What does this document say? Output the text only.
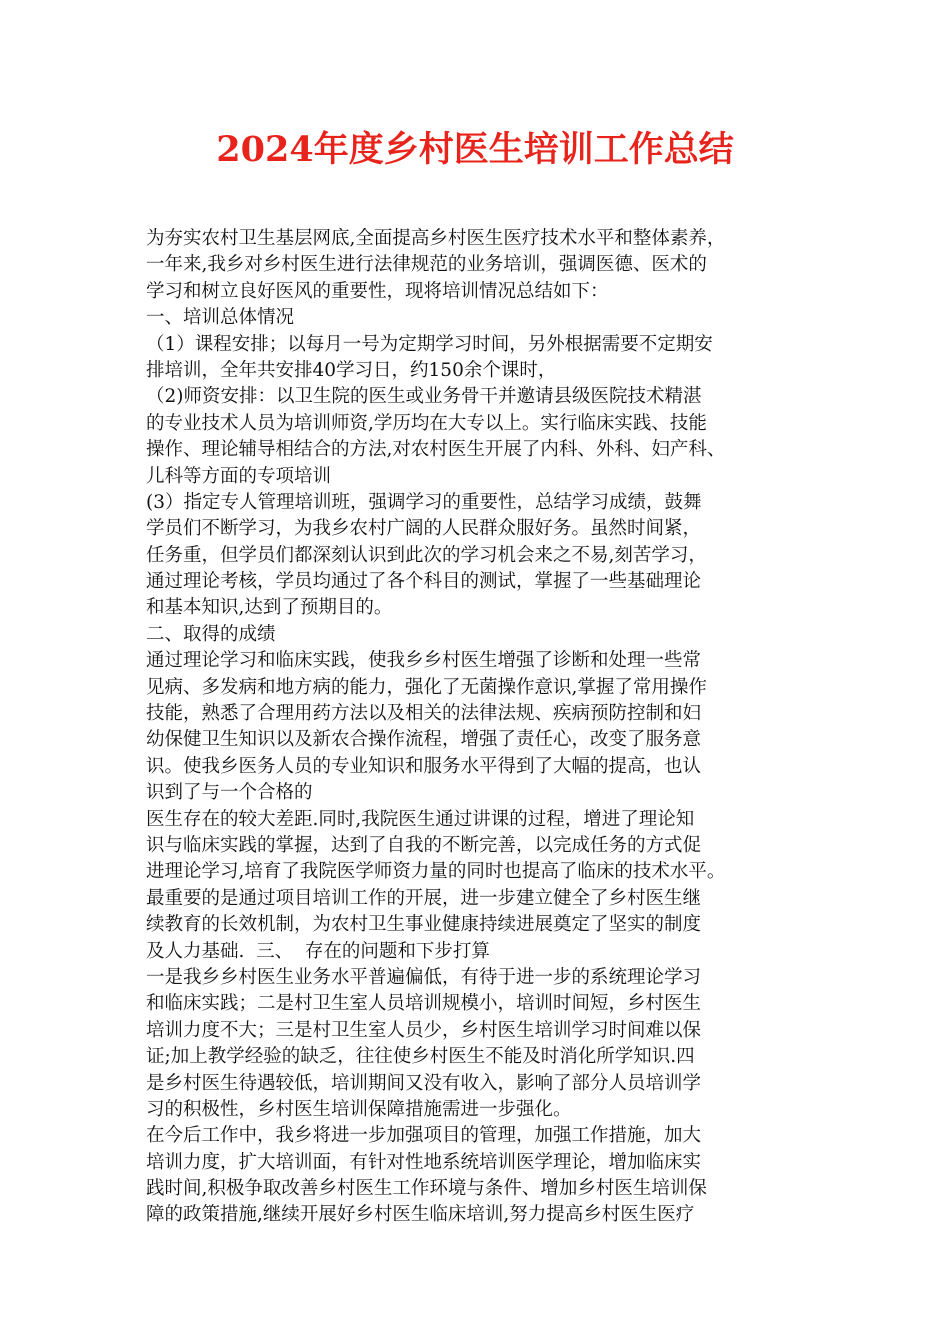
2024年度乡村医生培训工作总结
为夯实农村卫生基层网底,全面提高乡村医生医疗技术水平和整体素养，
一年来,我乡对乡村医生进行法律规范的业务培训，强调医德、医术的
学习和树立良好医风的重要性，现将培训情况总结如下：
一、培训总体情况
（1）课程安排；以每月一号为定期学习时间，另外根据需要不定期安
排培训，全年共安排40学习日，约150余个课时，
（2)师资安排：以卫生院的医生或业务骨干并邀请县级医院技术精湛
的专业技术人员为培训师资,学历均在大专以上。实行临床实践、技能
操作、理论辅导相结合的方法,对农村医生开展了内科、外科、妇产科、
儿科等方面的专项培训
(3）指定专人管理培训班，强调学习的重要性，总结学习成绩，鼓舞
学员们不断学习，为我乡农村广阔的人民群众服好务。虽然时间紧，
任务重，但学员们都深刻认识到此次的学习机会来之不易,刻苦学习，
通过理论考核，学员均通过了各个科目的测试，掌握了一些基础理论
和基本知识,达到了预期目的。
二、取得的成绩
通过理论学习和临床实践，使我乡乡村医生增强了诊断和处理一些常
见病、多发病和地方病的能力，强化了无菌操作意识,掌握了常用操作
技能，熟悉了合理用药方法以及相关的法律法规、疾病预防控制和妇
幼保健卫生知识以及新农合操作流程，增强了责任心，改变了服务意
识。使我乡医务人员的专业知识和服务水平得到了大幅的提高，也认
识到了与一个合格的
医生存在的较大差距.同时,我院医生通过讲课的过程，增进了理论知
识与临床实践的掌握，达到了自我的不断完善，以完成任务的方式促
进理论学习,培育了我院医学师资力量的同时也提高了临床的技术水平。
最重要的是通过项目培训工作的开展，进一步建立健全了乡村医生继
续教育的长效机制，为农村卫生事业健康持续进展奠定了坚实的制度
及人力基础.  三、  存在的问题和下步打算
一是我乡乡村医生业务水平普遍偏低，有待于进一步的系统理论学习
和临床实践；二是村卫生室人员培训规模小，培训时间短，乡村医生
培训力度不大；三是村卫生室人员少，乡村医生培训学习时间难以保
证;加上教学经验的缺乏，往往使乡村医生不能及时消化所学知识.四
是乡村医生待遇较低，培训期间又没有收入，影响了部分人员培训学
习的积极性，乡村医生培训保障措施需进一步强化。
在今后工作中，我乡将进一步加强项目的管理，加强工作措施，加大
培训力度，扩大培训面，有针对性地系统培训医学理论，增加临床实
践时间,积极争取改善乡村医生工作环境与条件、增加乡村医生培训保
障的政策措施,继续开展好乡村医生临床培训,努力提高乡村医生医疗
